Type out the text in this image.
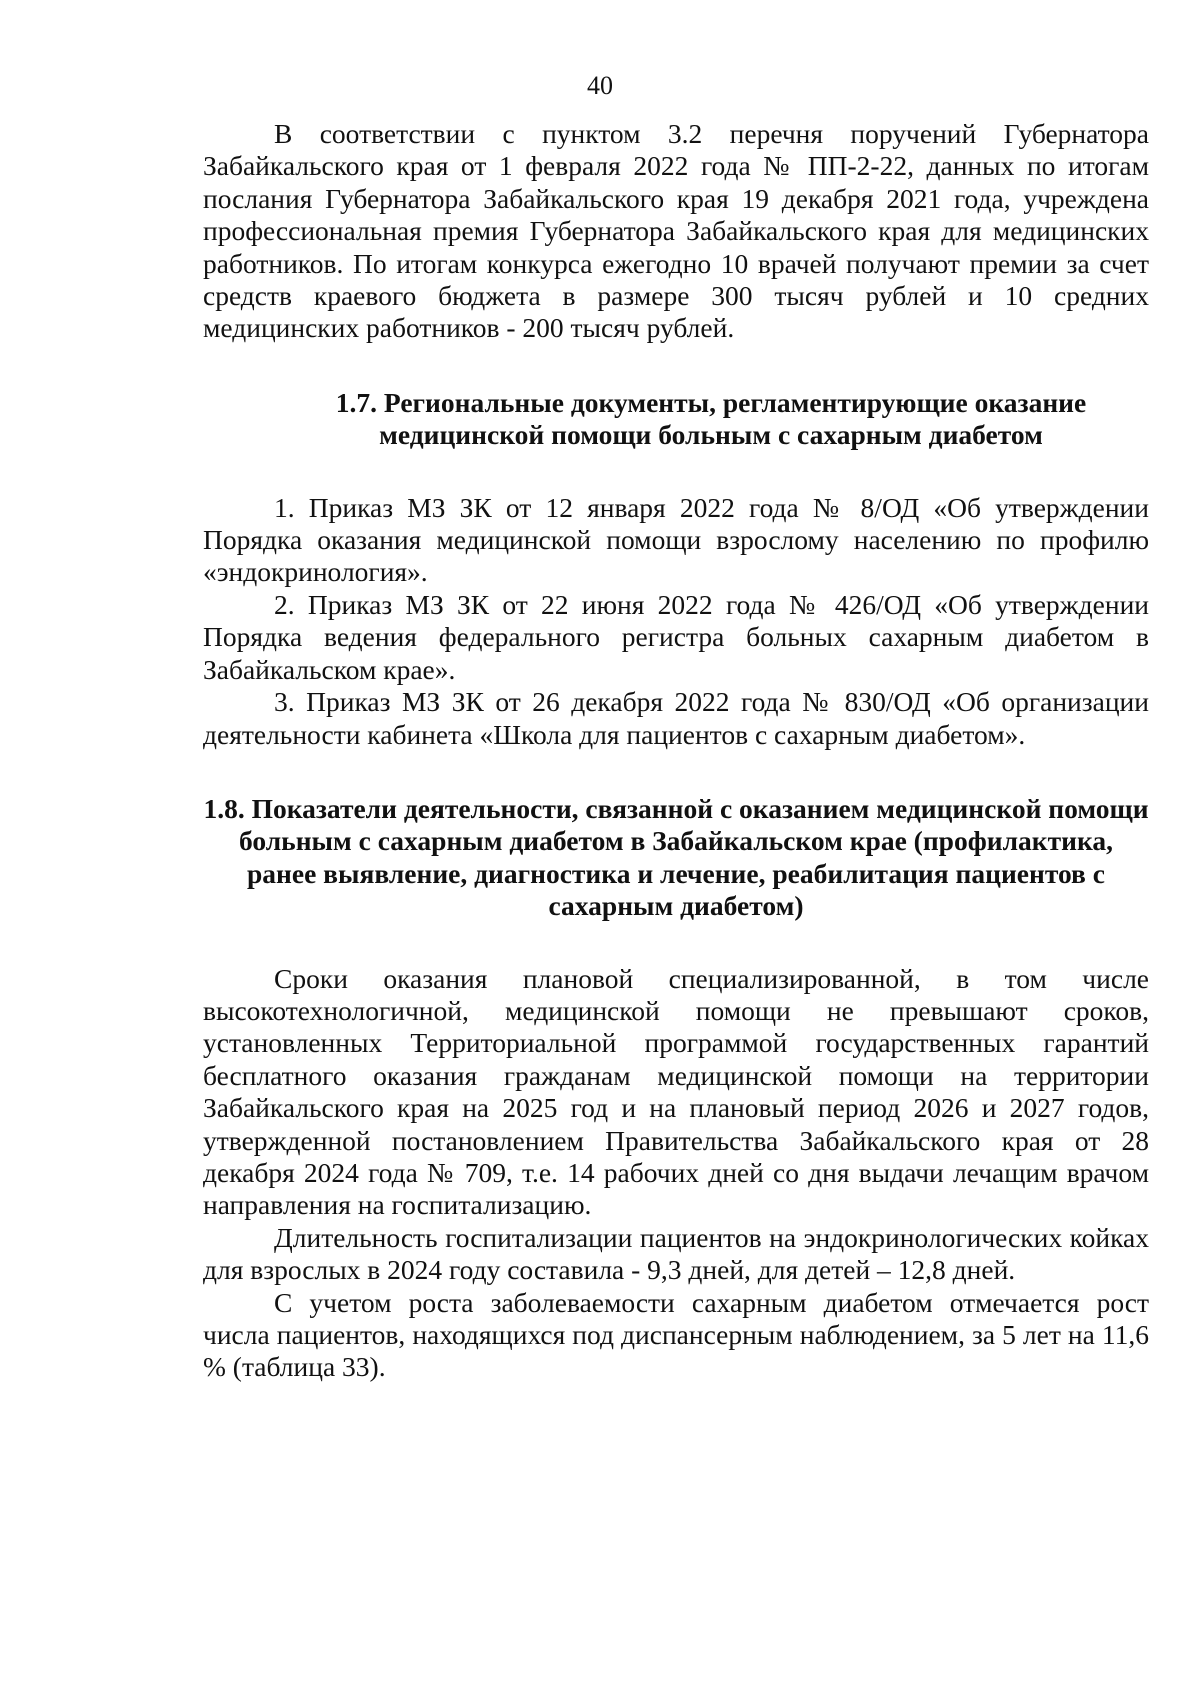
40

В соответствии с пунктом 3.2 перечня поручений Губернатора Забайкальского края от 1 февраля 2022 года № ПП-2-22, данных по итогам послания Губернатора Забайкальского края 19 декабря 2021 года, учреждена профессиональная премия Губернатора Забайкальского края для медицинских работников. По итогам конкурса ежегодно 10 врачей получают премии за счет средств краевого бюджета в размере 300 тысяч рублей и 10 средних медицинских работников - 200 тысяч рублей.

1.7. Региональные документы, регламентирующие оказание медицинской помощи больным с сахарным диабетом

1. Приказ МЗ ЗК от 12 января 2022 года № 8/ОД «Об утверждении Порядка оказания медицинской помощи взрослому населению по профилю «эндокринология».

2. Приказ МЗ ЗК от 22 июня 2022 года № 426/ОД «Об утверждении Порядка ведения федерального регистра больных сахарным диабетом в Забайкальском крае».

3. Приказ МЗ ЗК от 26 декабря 2022 года № 830/ОД «Об организации деятельности кабинета «Школа для пациентов с сахарным диабетом».

1.8. Показатели деятельности, связанной с оказанием медицинской помощи больным с сахарным диабетом в Забайкальском крае (профилактика, ранее выявление, диагностика и лечение, реабилитация пациентов с сахарным диабетом)

Сроки оказания плановой специализированной, в том числе высокотехнологичной, медицинской помощи не превышают сроков, установленных Территориальной программой государственных гарантий бесплатного оказания гражданам медицинской помощи на территории Забайкальского края на 2025 год и на плановый период 2026 и 2027 годов, утвержденной постановлением Правительства Забайкальского края от 28 декабря 2024 года № 709, т.е. 14 рабочих дней со дня выдачи лечащим врачом направления на госпитализацию.

Длительность госпитализации пациентов на эндокринологических койках для взрослых в 2024 году составила - 9,3 дней, для детей – 12,8 дней.

С учетом роста заболеваемости сахарным диабетом отмечается рост числа пациентов, находящихся под диспансерным наблюдением, за 5 лет на 11,6 % (таблица 33).
